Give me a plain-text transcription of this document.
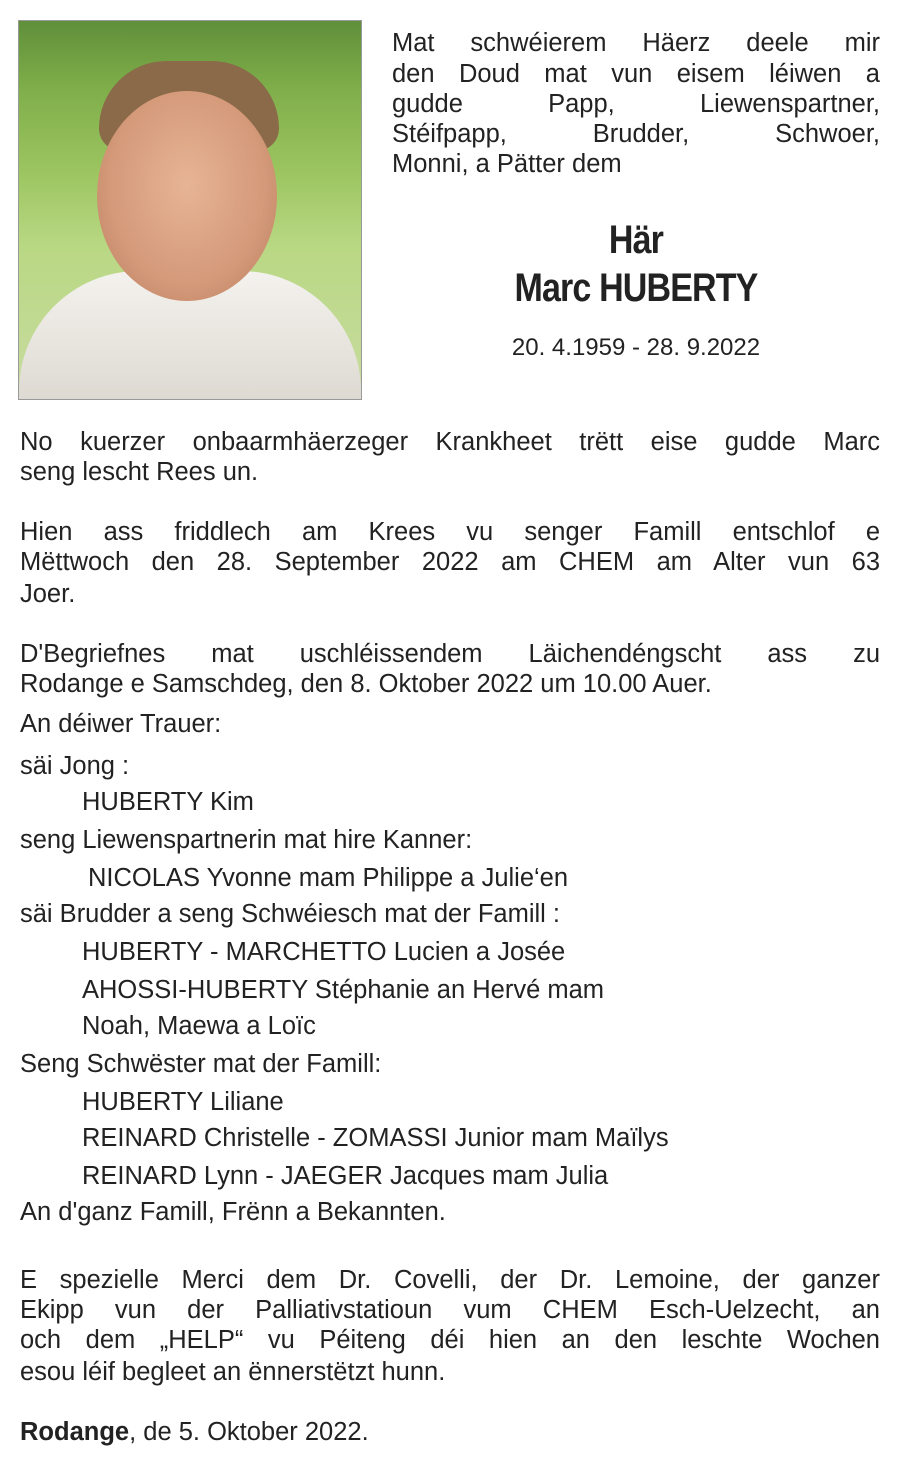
Mat schwéierem Häerz deele mir
den Doud mat vun eisem léiwen a
gudde Papp, Liewenspartner,
Stéifpapp, Brudder, Schwoer,
Monni, a Pätter dem
Här
Marc HUBERTY
20. 4.1959 - 28. 9.2022
No kuerzer onbaarmhäerzeger Krankheet trëtt eise gudde Marc
seng lescht Rees un.
Hien ass friddlech am Krees vu senger Famill entschlof e
Mëttwoch den 28. September 2022 am CHEM am Alter vun 63
Joer.
D'Begriefnes mat uschléissendem Läichendéngscht ass zu
Rodange e Samschdeg, den 8. Oktober 2022 um 10.00 Auer.
An déiwer Trauer:
säi Jong :
HUBERTY Kim
seng Liewenspartnerin mat hire Kanner:
NICOLAS Yvonne mam Philippe a Julie‘en
säi Brudder a seng Schwéiesch mat der Famill :
HUBERTY - MARCHETTO Lucien a Josée
AHOSSI-HUBERTY Stéphanie an Hervé mam
Noah, Maewa a Loïc
Seng Schwëster mat der Famill:
HUBERTY Liliane
REINARD Christelle - ZOMASSI Junior mam Maïlys
REINARD Lynn - JAEGER Jacques mam Julia
An d'ganz Famill, Frënn a Bekannten.
E spezielle Merci dem Dr. Covelli, der Dr. Lemoine, der ganzer
Ekipp vun der Palliativstatioun vum CHEM Esch-Uelzecht, an
och dem „HELP“ vu Péiteng déi hien an den leschte Wochen
esou léif begleet an ënnerstëtzt hunn.
Rodange, de 5. Oktober 2022.
